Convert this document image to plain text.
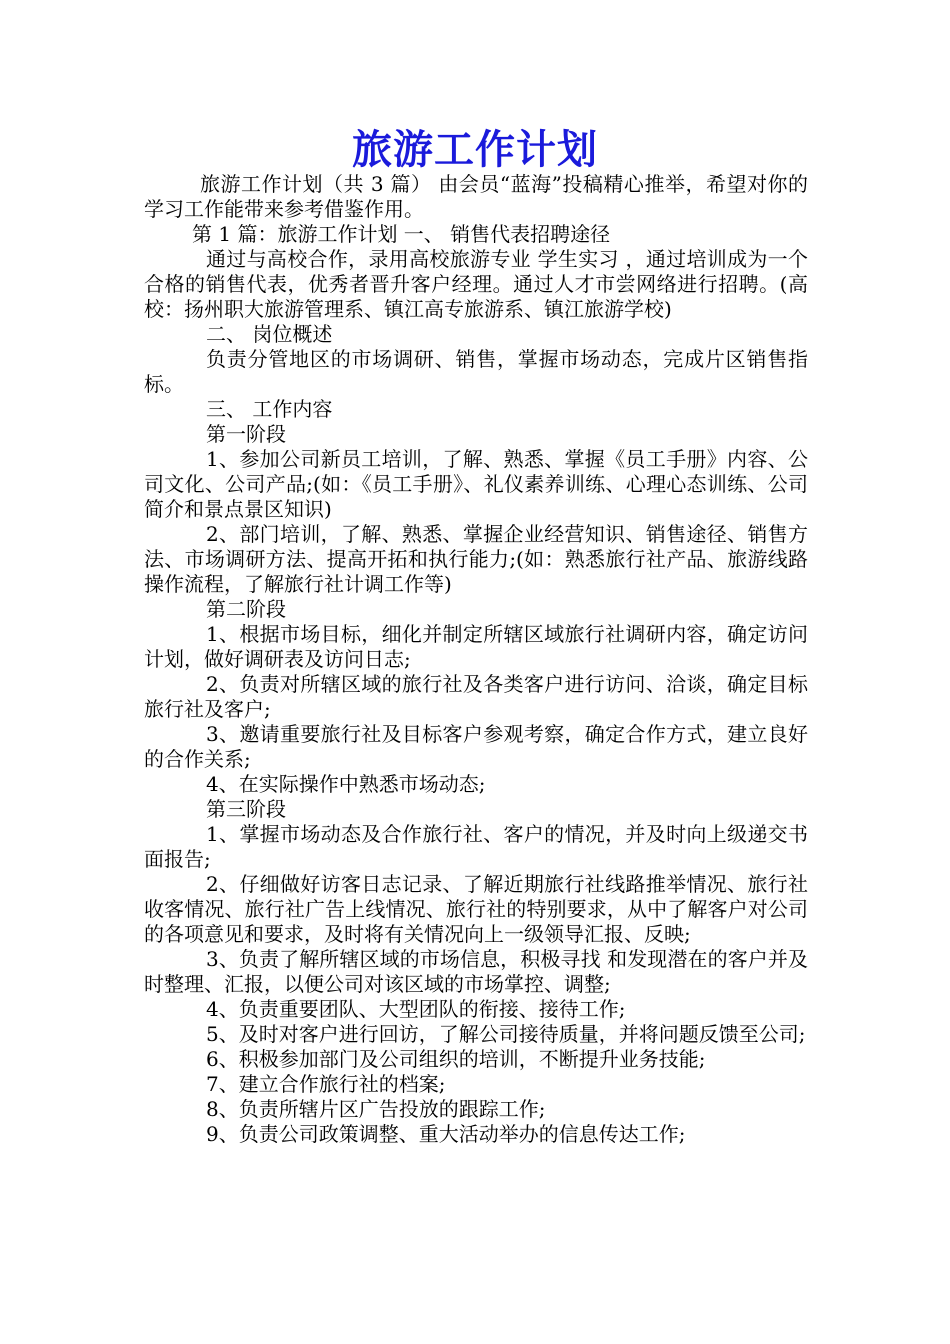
旅游工作计划

旅游工作计划（共 3 篇） 由会员“蓝海”投稿精心推举，希望对你的学习工作能带来参考借鉴作用。

第 1 篇：旅游工作计划 一、 销售代表招聘途径

通过与高校合作，录用高校旅游专业 学生实习 ，通过培训成为一个合格的销售代表，优秀者晋升客户经理。通过人才市尝网络进行招聘。(高校：扬州职大旅游管理系、镇江高专旅游系、镇江旅游学校)

二、 岗位概述

负责分管地区的市场调研、销售，掌握市场动态，完成片区销售指标。

三、 工作内容

第一阶段

1、参加公司新员工培训，了解、熟悉、掌握《员工手册》内容、公司文化、公司产品;(如：《员工手册》、礼仪素养训练、心理心态训练、公司简介和景点景区知识)

2、部门培训，了解、熟悉、掌握企业经营知识、销售途径、销售方法、市场调研方法、提高开拓和执行能力;(如：熟悉旅行社产品、旅游线路操作流程，了解旅行社计调工作等)

第二阶段

1、根据市场目标，细化并制定所辖区域旅行社调研内容，确定访问计划，做好调研表及访问日志;

2、负责对所辖区域的旅行社及各类客户进行访问、洽谈，确定目标旅行社及客户;

3、邀请重要旅行社及目标客户参观考察，确定合作方式，建立良好的合作关系;

4、在实际操作中熟悉市场动态;

第三阶段

1、掌握市场动态及合作旅行社、客户的情况，并及时向上级递交书面报告;

2、仔细做好访客日志记录、了解近期旅行社线路推举情况、旅行社收客情况、旅行社广告上线情况、旅行社的特别要求，从中了解客户对公司的各项意见和要求，及时将有关情况向上一级领导汇报、反映;

3、负责了解所辖区域的市场信息，积极寻找 和发现潜在的客户并及时整理、汇报，以便公司对该区域的市场掌控、调整;

4、负责重要团队、大型团队的衔接、接待工作;

5、及时对客户进行回访，了解公司接待质量，并将问题反馈至公司;

6、积极参加部门及公司组织的培训，不断提升业务技能;

7、建立合作旅行社的档案;

8、负责所辖片区广告投放的跟踪工作;

9、负责公司政策调整、重大活动举办的信息传达工作;
